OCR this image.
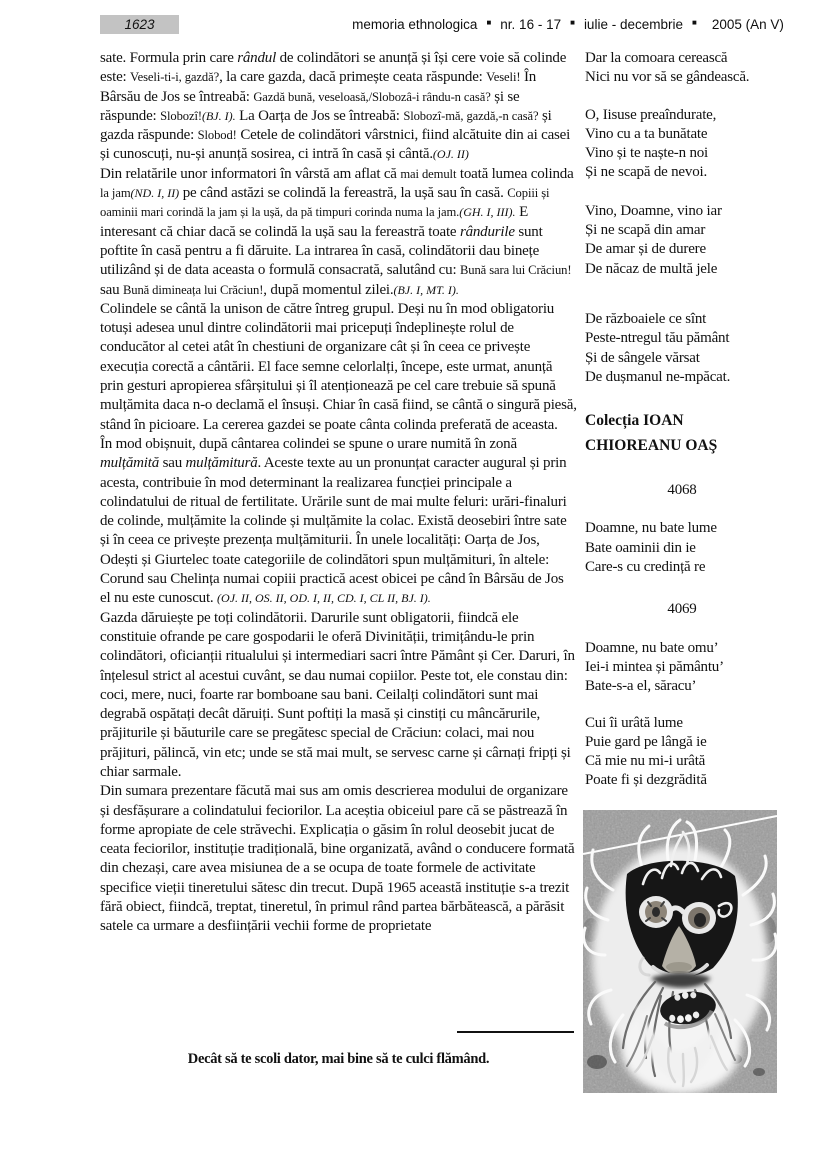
1623	memoria ethnologica ■ nr. 16 - 17 ■ iulie - decembrie ■ 2005 (An V)

sate. Formula prin care rândul de colindători se anunță și își cere voie să colinde este: Veseli-ti-i, gazdă?, la care gazda, dacă primește ceata răspunde: Veseli! În Bârsău de Jos se întreabă: Gazdă bună, veseloasă,/Slobozâ-i rându-n casă? și se răspunde: Slobozî!(BJ. I). La Oarța de Jos se întreabă: Slobozî-mă, gazdă,-n casă? și gazda răspunde: Slobod! Cetele de colindători vârstnici, fiind alcătuite din ai casei și cunoscuți, nu-și anunță sosirea, ci intră în casă și cântă.(OJ. II)

Din relatările unor informatori în vârstă am aflat că mai demult toată lumea colinda la jam(ND. I, II) pe când astăzi se colindă la fereastră, la ușă sau în casă. Copiii și oaminii mari corindă la jam și la ușă, da pă timpuri corinda numa la jam.(GH. I, III). E interesant că chiar dacă se colindă la ușă sau la fereastră toate rândurile sunt poftite în casă pentru a fi dăruite. La intrarea în casă, colindătorii dau binețe utilizând și de data aceasta o formulă consacrată, salutând cu: Bună sara lui Crăciun! sau Bună dimineața lui Crăciun!, după momentul zilei.(BJ. I, MT. I).

Colindele se cântă la unison de către întreg grupul. Deși nu în mod obligatoriu totuși adesea unul dintre colindătorii mai pricepuți îndeplinește rolul de conducător al cetei atât în chestiuni de organizare cât și în ceea ce privește execuția corectă a cântării. El face semne celorlalți, începe, este urmat, anunță prin gesturi apropierea sfârșitului și îl atenționează pe cel care trebuie să spună mulțămita daca n-o declamă el însuși. Chiar în casă fiind, se cântă o singură piesă, stând în picioare. La cererea gazdei se poate cânta colinda preferată de aceasta.

În mod obișnuit, după cântarea colindei se spune o urare numită în zonă mulțămită sau mulțămitură. Aceste texte au un pronunțat caracter augural și prin acesta, contribuie în mod determinant la realizarea funcției principale a colindatului de ritual de fertilitate. Urările sunt de mai multe feluri: urări-finaluri de colinde, mulțămite la colinde și mulțămite la colac. Există deosebiri între sate și în ceea ce privește prezența mulțămiturii. În unele localități: Oarța de Jos, Odești și Giurtelec toate categoriile de colindători spun mulțămituri, în altele: Corund sau Chelința numai copiii practică acest obicei pe când în Bârsău de Jos el nu este cunoscut. (OJ. II, OS. II, OD. I, II, CD. I, CL II, BJ. I).

Gazda dăruiește pe toți colindătorii. Darurile sunt obligatorii, fiindcă ele constituie ofrande pe care gospodarii le oferă Divinității, trimițându-le prin colindători, oficianții ritualului și intermediari sacri între Pământ și Cer. Daruri, în înțelesul strict al acestui cuvânt, se dau numai copiilor. Peste tot, ele constau din: coci, mere, nuci, foarte rar bomboane sau bani. Ceilalți colindători sunt mai degrabă ospătați decât dăruiți. Sunt poftiți la masă și cinstiți cu mâncărurile, prăjiturile și băuturile care se pregătesc special de Crăciun: colaci, mai nou prăjituri, pălincă, vin etc; unde se stă mai mult, se servesc carne și cârnați fripți și chiar sarmale.

Din sumara prezentare făcută mai sus am omis descrierea modului de organizare și desfășurare a colindatului feciorilor. La aceștia obiceiul pare că se păstrează în forme apropiate de cele străvechi. Explicația o găsim în rolul deosebit jucat de ceata feciorilor, instituție tradițională, bine organizată, având o conducere formată din chezași, care avea misiunea de a se ocupa de toate formele de activitate specifice vieții tineretului sătesc din trecut. După 1965 această instituție s-a trezit fără obiect, fiindcă, treptat, tineretul, în primul rând partea bărbătească, a părăsit satele ca urmare a desființării vechii forme de proprietate

Decât să te scoli dator, mai bine să te culci flămând.
Dar la comoara cerească
Nici nu vor să se gândească.
O, Iisuse preaîndurate,
Vino cu a ta bunătate
Vino și te naște-n noi
Și ne scapă de nevoi.
Vino, Doamne, vino iar
Și ne scapă din amar
De amar și de durere
De năcaz de multă jele
De războaiele ce sînt
Peste-ntregul tău pământ
Și de sângele vărsat
De dușmanul ne-mpăcat.
Colecția IOAN
CHIOREANU OAŞ
4068
Doamne, nu bate lume
Bate oaminii din ie
Care-s cu credință re
4069
Doamne, nu bate omu’
Iei-i mintea și pământu’
Bate-s-a el, săracu’
Cui îi urâtă lume
Puie gard pe lângă ie
Că mie nu mi-i urâtă
Poate fi și dezgrădită
